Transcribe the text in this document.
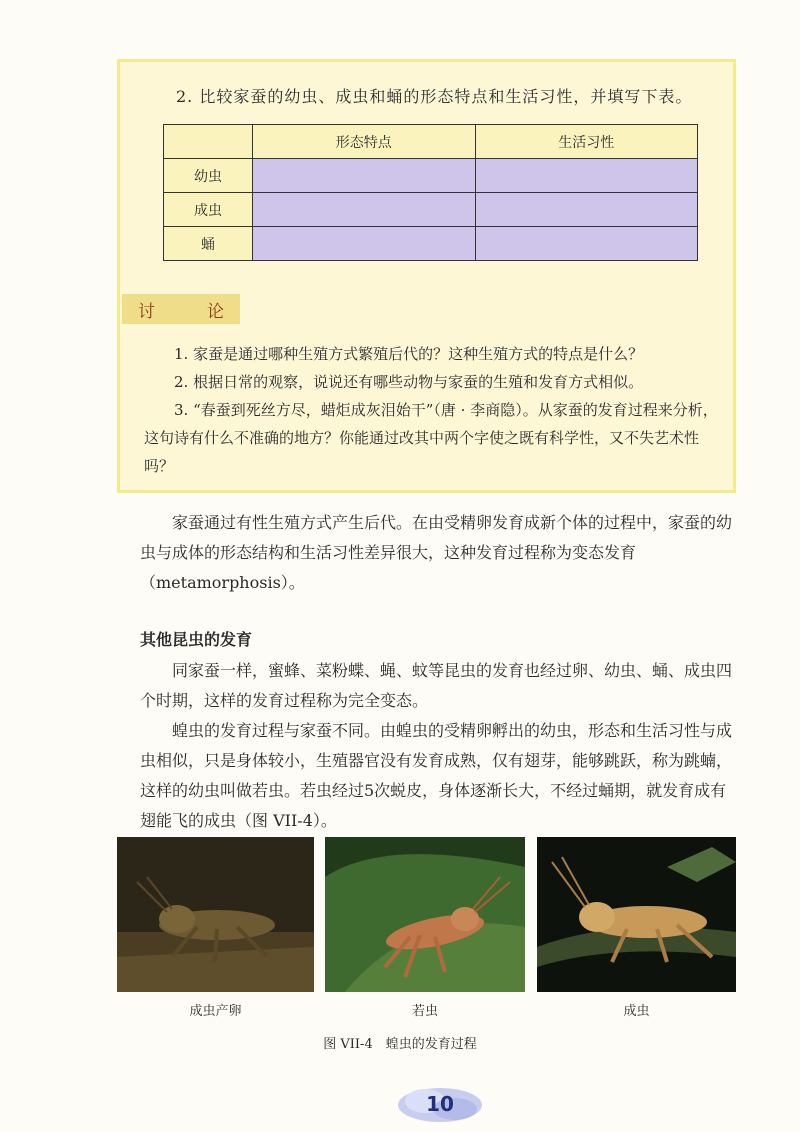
2. 比较家蚕的幼虫、成虫和蛹的形态特点和生活习性，并填写下表。
	形态特点	生活习性
幼虫		
成虫		
蛹		
讨	论
1. 家蚕是通过哪种生殖方式繁殖后代的？这种生殖方式的特点是什么？
2. 根据日常的观察，说说还有哪些动物与家蚕的生殖和发育方式相似。
3. “春蚕到死丝方尽，蜡炬成灰泪始干”（唐 · 李商隐）。从家蚕的发育过程来分析，这句诗有什么不准确的地方？你能通过改其中两个字使之既有科学性，又不失艺术性吗？

家蚕通过有性生殖方式产生后代。在由受精卵发育成新个体的过程中，家蚕的幼虫与成体的形态结构和生活习性差异很大，这种发育过程称为变态发育（metamorphosis）。

其他昆虫的发育

同家蚕一样，蜜蜂、菜粉蝶、蝇、蚊等昆虫的发育也经过卵、幼虫、蛹、成虫四个时期，这样的发育过程称为完全变态。

蝗虫的发育过程与家蚕不同。由蝗虫的受精卵孵出的幼虫，形态和生活习性与成虫相似，只是身体较小，生殖器官没有发育成熟，仅有翅芽，能够跳跃，称为跳蝻，这样的幼虫叫做若虫。若虫经过5次蜕皮，身体逐渐长大，不经过蛹期，就发育成有翅能飞的成虫（图 VII-4）。

成虫产卵	若虫	成虫
图 VII-4　蝗虫的发育过程
10
